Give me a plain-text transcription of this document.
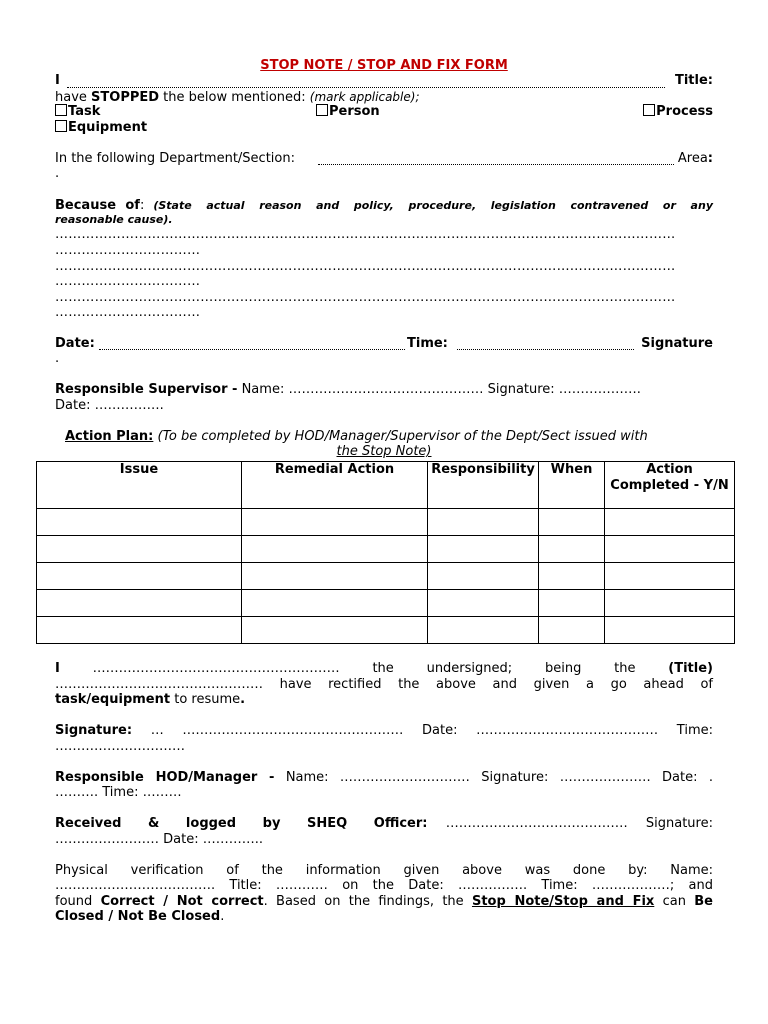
STOP NOTE / STOP AND FIX FORM
I	Title:
have STOPPED the below mentioned: (mark applicable);
Task	Person	Process
Equipment
In the following Department/Section:	Area:
.
Because of: (State actual reason and policy, procedure, legislation contravened or any
reasonable cause).
……………………………………………………………………………………………………………………………
……………………………
……………………………………………………………………………………………………………………………
……………………………
……………………………………………………………………………………………………………………………
……………………………
Date:	Time:	Signature
.
Responsible Supervisor - Name: ……………………………………… Signature: ……………….
Date: …………….
Action Plan: (To be completed by HOD/Manager/Supervisor of the Dept/Sect issued with
the Stop Note)
Issue	Remedial Action	Responsibility	When	Action Completed - Y/N

I	…………………………………………………	the	undersigned;	being	the	(Title)
………………………………………… have rectified the above and given a go ahead of
task/equipment to resume.
Signature: … …………………………………………… Date: …………………………………… Time:
…………………………
Responsible HOD/Manager - Name: ………………………… Signature: ………………… Date: .
………. Time: ………
Received & logged by SHEQ Officer: …………………………………… Signature:
…………………… Date: …………..
Physical verification of the information given above was done by: Name:
………………………………. Title: ………… on the Date: ……………. Time: ………………; and
found Correct / Not correct. Based on the findings, the Stop Note/Stop and Fix can Be
Closed / Not Be Closed.
